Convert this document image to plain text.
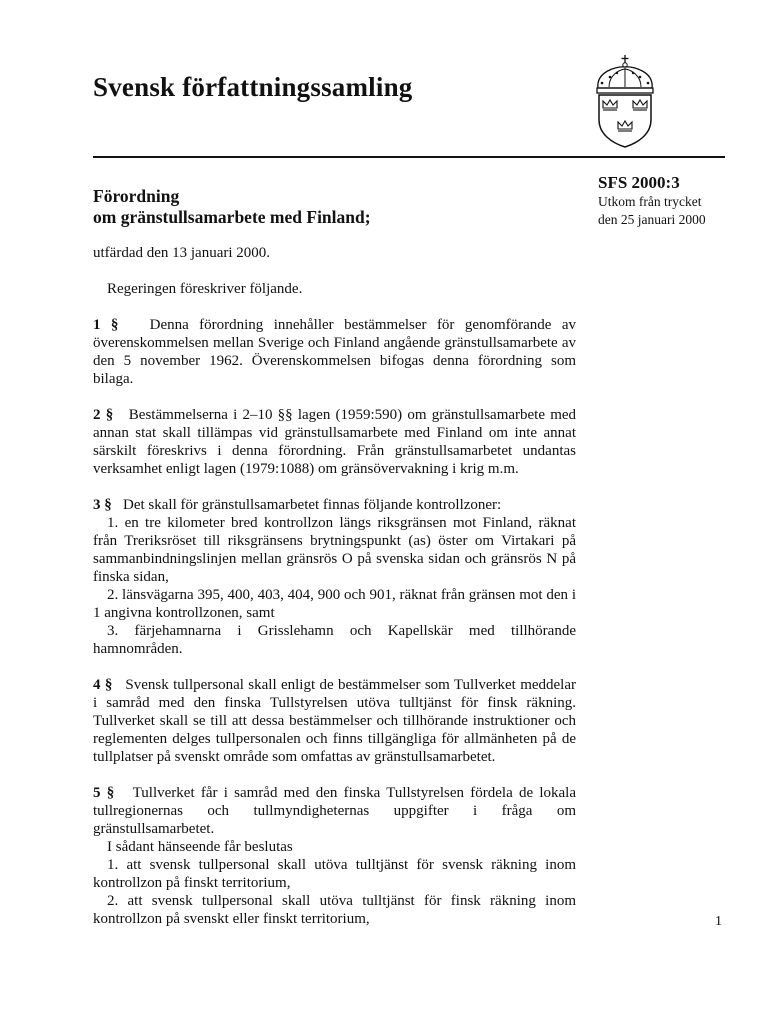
Svensk författningssamling
SFS 2000:3
Utkom från trycket
den 25 januari 2000
Förordning
om gränstullsamarbete med Finland;

utfärdad den 13 januari 2000.

Regeringen föreskriver följande.

1 § Denna förordning innehåller bestämmelser för genomförande av överenskommelsen mellan Sverige och Finland angående gränstullsamarbete av den 5 november 1962. Överenskommelsen bifogas denna förordning som bilaga.

2 § Bestämmelserna i 2–10 §§ lagen (1959:590) om gränstullsamarbete med annan stat skall tillämpas vid gränstullsamarbete med Finland om inte annat särskilt föreskrivs i denna förordning. Från gränstullsamarbetet undantas verksamhet enligt lagen (1979:1088) om gränsövervakning i krig m.m.

3 § Det skall för gränstullsamarbetet finnas följande kontrollzoner:

1. en tre kilometer bred kontrollzon längs riksgränsen mot Finland, räknat från Treriksröset till riksgränsens brytningspunkt (as) öster om Virtakari på sammanbindningslinjen mellan gränsrös O på svenska sidan och gränsrös N på finska sidan,

2. länsvägarna 395, 400, 403, 404, 900 och 901, räknat från gränsen mot den i 1 angivna kontrollzonen, samt

3. färjehamnarna i Grisslehamn och Kapellskär med tillhörande hamnområden.

4 § Svensk tullpersonal skall enligt de bestämmelser som Tullverket meddelar i samråd med den finska Tullstyrelsen utöva tulltjänst för finsk räkning. Tullverket skall se till att dessa bestämmelser och tillhörande instruktioner och reglementen delges tullpersonalen och finns tillgängliga för allmänheten på de tullplatser på svenskt område som omfattas av gränstullsamarbetet.

5 § Tullverket får i samråd med den finska Tullstyrelsen fördela de lokala tullregionernas och tullmyndigheternas uppgifter i fråga om gränstullsamarbetet.

I sådant hänseende får beslutas

1. att svensk tullpersonal skall utöva tulltjänst för svensk räkning inom kontrollzon på finskt territorium,

2. att svensk tullpersonal skall utöva tulltjänst för finsk räkning inom kontrollzon på svenskt eller finskt territorium,	1
